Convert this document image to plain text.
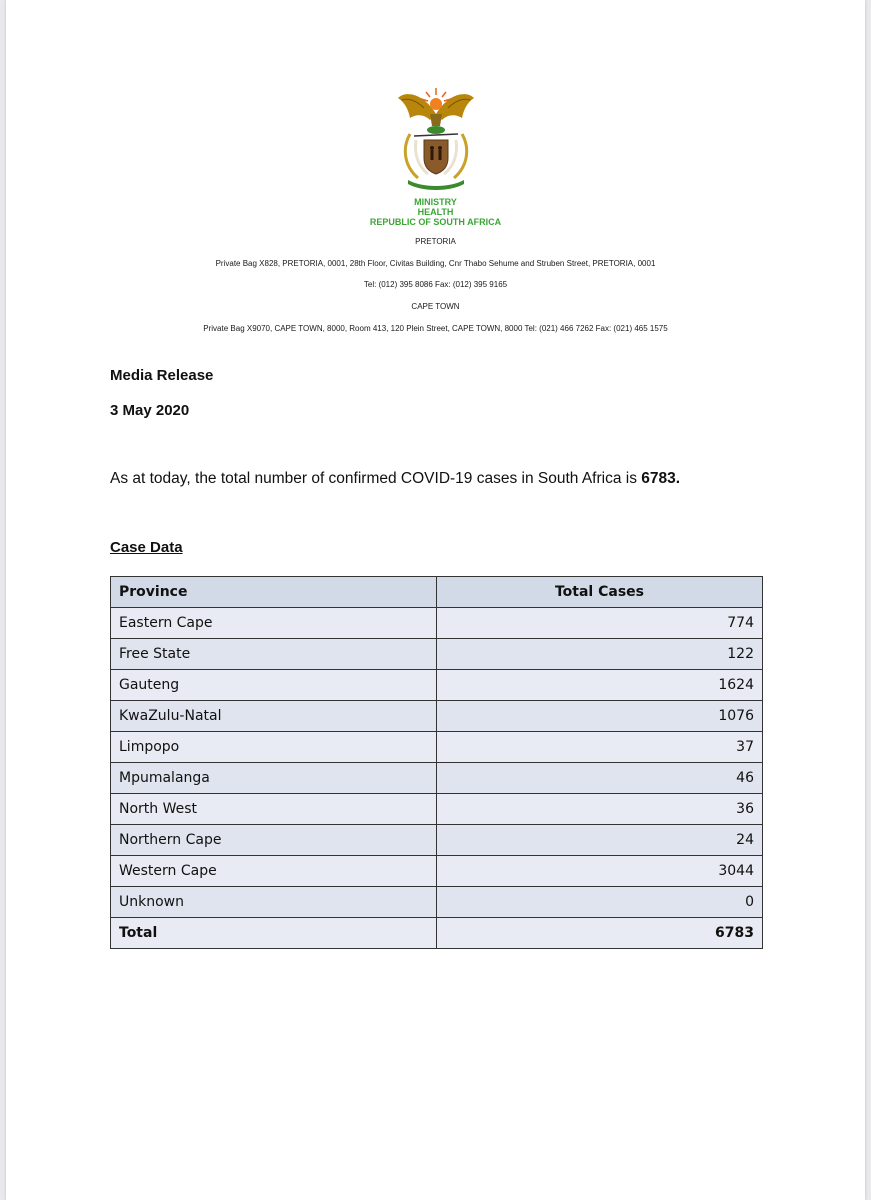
MINISTRY
HEALTH
REPUBLIC OF SOUTH AFRICA
PRETORIA
Private Bag X828, PRETORIA, 0001, 28th Floor, Civitas Building, Cnr Thabo Sehume and Struben Street, PRETORIA, 0001
Tel: (012) 395 8086 Fax: (012) 395 9165
CAPE TOWN
Private Bag X9070, CAPE TOWN, 8000, Room 413, 120 Plein Street, CAPE TOWN, 8000 Tel: (021) 466 7262 Fax: (021) 465 1575
Media Release
3 May 2020
As at today, the total number of confirmed COVID-19 cases in South Africa is 6783.
Case Data
Province	Total Cases
Eastern Cape	774
Free State	122
Gauteng	1624
KwaZulu-Natal	1076
Limpopo	37
Mpumalanga	46
North West	36
Northern Cape	24
Western Cape	3044
Unknown	0
Total	6783
